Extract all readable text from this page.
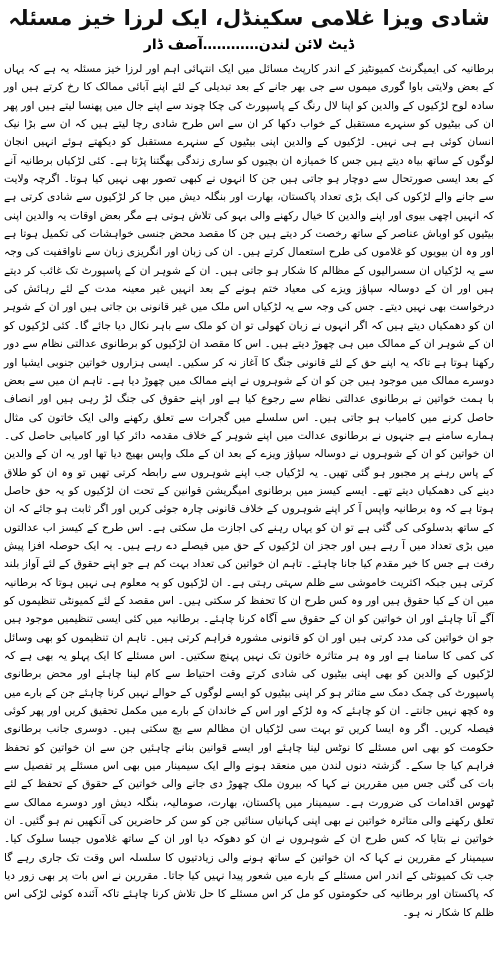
شادی ویزا غلامی سکینڈل، ایک لرزا خیز مسئلہ
ڈیٹ لائن لندن…………آصف ڈار

برطانیہ کی ایمیگرنٹ کمیونٹیز کے اندر کارپٹ مسائل میں ایک انتہائی اہم اور لرزا خیز مسئلہ یہ ہے کہ یہاں کے بعض ولایتی باوا گوری میموں سے جی بھر جانے کے بعد تبدیلی کے لئے اپنے آبائی ممالک کا رخ کرتے ہیں اور سادہ لوح لڑکیوں کے والدین کو اپنا لال رنگ کے پاسپورٹ کی چکا چوند سے اپنے جال میں پھنسا لیتے ہیں اور پھر ان کی بیٹیوں کو سنہرے مستقبل کے خواب دکھا کر ان سے اس طرح شادی رچا لیتے ہیں کہ ان سے بڑا نیک انسان کوئی ہے ہی نہیں۔ لڑکیوں کے والدین اپنی بیٹیوں کے سنہرے مستقبل کو دیکھتے ہوئے انہیں انجان لوگوں کے ساتھ بیاہ دیتے ہیں جس کا خمیازہ ان بچیوں کو ساری زندگی بھگتنا پڑتا ہے۔ کئی لڑکیاں برطانیہ آنے کے بعد ایسی صورتحال سے دوچار ہو جاتی ہیں جن کا انہوں نے کبھی تصور بھی نہیں کیا ہوتا۔ اگرچہ ولایت سے جانے والے لڑکوں کی ایک بڑی تعداد پاکستان، بھارت اور بنگلہ دیش میں جا کر لڑکیوں سے شادی کرتی ہے کہ انہیں اچھی بیوی اور اپنے والدین کا خیال رکھنے والی بہو کی تلاش ہوتی ہے مگر بعض اوقات یہ والدین اپنی بیٹیوں کو اوباش عناصر کے ساتھ رخصت کر دیتے ہیں جن کا مقصد محض جنسی خواہشات کی تکمیل ہوتا ہے اور وہ ان بیویوں کو غلاموں کی طرح استعمال کرتے ہیں۔ ان کی زبان اور انگریزی زبان سے ناواقفیت کی وجہ سے یہ لڑکیاں ان سسرالیوں کے مظالم کا شکار ہو جاتی ہیں۔ ان کے شوہر ان کے پاسپورٹ تک غائب کر دیتے ہیں اور ان کے دوسالہ سپاؤز ویزے کی معیاد ختم ہونے کے بعد انہیں غیر معینہ مدت کے لئے رہائش کی درخواست بھی نہیں دیتے۔ جس کی وجہ سے یہ لڑکیاں اس ملک میں غیر قانونی بن جاتی ہیں اور ان کے شوہر ان کو دھمکیاں دیتے ہیں کہ اگر انہوں نے زبان کھولی تو ان کو ملک سے باہر نکال دیا جائے گا۔ کئی لڑکیوں کو ان کے شوہر ان کے ممالک میں ہی چھوڑ دیتے ہیں۔ اس کا مقصد ان لڑکیوں کو برطانوی عدالتی نظام سے دور رکھنا ہوتا ہے تاکہ یہ اپنے حق کے لئے قانونی جنگ کا آغاز نہ کر سکیں۔ ایسی ہزاروں خواتین جنوبی ایشیا اور دوسرے ممالک میں موجود ہیں جن کو ان کے شوہروں نے اپنے ممالک میں چھوڑ دیا ہے۔ تاہم ان میں سے بعض با ہمت خواتین نے برطانوی عدالتی نظام سے رجوع کیا ہے اور اپنے حقوق کی جنگ لڑ رہی ہیں اور انصاف حاصل کرنے میں کامیاب ہو جاتی ہیں۔ اس سلسلے میں گجرات سے تعلق رکھنے والی ایک خاتون کی مثال ہمارے سامنے ہے جنہوں نے برطانوی عدالت میں اپنے شوہر کے خلاف مقدمہ دائر کیا اور کامیابی حاصل کی۔ ان خواتین کو ان کے شوہروں نے دوسالہ سپاؤز ویزے کے بعد ان کے ملک واپس بھیج دیا تھا اور یہ ان کے والدین کے پاس رہنے پر مجبور ہو گئی تھیں۔ یہ لڑکیاں جب اپنے شوہروں سے رابطہ کرتی تھیں تو وہ ان کو طلاق دینے کی دھمکیاں دیتے تھے۔ ایسے کیسز میں برطانوی امیگریشن قوانین کے تحت ان لڑکیوں کو یہ حق حاصل ہوتا ہے کہ وہ برطانیہ واپس آ کر اپنے شوہروں کے خلاف قانونی چارہ جوئی کریں اور اگر ثابت ہو جائے کہ ان کے ساتھ بدسلوکی کی گئی ہے تو ان کو یہاں رہنے کی اجازت مل سکتی ہے۔ اس طرح کے کیسز اب عدالتوں میں بڑی تعداد میں آ رہے ہیں اور ججز ان لڑکیوں کے حق میں فیصلے دے رہے ہیں۔ یہ ایک حوصلہ افزا پیش رفت ہے جس کا خیر مقدم کیا جانا چاہئے۔ تاہم ان خواتین کی تعداد بہت کم ہے جو اپنے حقوق کے لئے آواز بلند کرتی ہیں جبکہ اکثریت خاموشی سے ظلم سہتی رہتی ہے۔ ان لڑکیوں کو یہ معلوم ہی نہیں ہوتا کہ برطانیہ میں ان کے کیا حقوق ہیں اور وہ کس طرح ان کا تحفظ کر سکتی ہیں۔ اس مقصد کے لئے کمیونٹی تنظیموں کو آگے آنا چاہئے اور ان خواتین کو ان کے حقوق سے آگاہ کرنا چاہئے۔ برطانیہ میں کئی ایسی تنظیمیں موجود ہیں جو ان خواتین کی مدد کرتی ہیں اور ان کو قانونی مشورہ فراہم کرتی ہیں۔ تاہم ان تنظیموں کو بھی وسائل کی کمی کا سامنا ہے اور وہ ہر متاثرہ خاتون تک نہیں پہنچ سکتیں۔ اس مسئلے کا ایک پہلو یہ بھی ہے کہ لڑکیوں کے والدین کو بھی اپنی بیٹیوں کی شادی کرتے وقت احتیاط سے کام لینا چاہئے اور محض برطانوی پاسپورٹ کی چمک دمک سے متاثر ہو کر اپنی بیٹیوں کو ایسے لوگوں کے حوالے نہیں کرنا چاہئے جن کے بارے میں وہ کچھ نہیں جانتے۔ ان کو چاہئے کہ وہ لڑکے اور اس کے خاندان کے بارے میں مکمل تحقیق کریں اور پھر کوئی فیصلہ کریں۔ اگر وہ ایسا کریں تو بہت سی لڑکیاں ان مظالم سے بچ سکتی ہیں۔ دوسری جانب برطانوی حکومت کو بھی اس مسئلے کا نوٹس لینا چاہئے اور ایسے قوانین بنانے چاہئیں جن سے ان خواتین کو تحفظ فراہم کیا جا سکے۔ گزشتہ دنوں لندن میں منعقد ہونے والے ایک سیمینار میں بھی اس مسئلے پر تفصیل سے بات کی گئی جس میں مقررین نے کہا کہ بیرون ملک چھوڑ دی جانے والی خواتین کے حقوق کے تحفظ کے لئے ٹھوس اقدامات کی ضرورت ہے۔ سیمینار میں پاکستان، بھارت، صومالیہ، بنگلہ دیش اور دوسرے ممالک سے تعلق رکھنے والی متاثرہ خواتین نے بھی اپنی کہانیاں سنائیں جن کو سن کر حاضرین کی آنکھیں نم ہو گئیں۔ ان خواتین نے بتایا کہ کس طرح ان کے شوہروں نے ان کو دھوکہ دیا اور ان کے ساتھ غلاموں جیسا سلوک کیا۔ سیمینار کے مقررین نے کہا کہ ان خواتین کے ساتھ ہونے والی زیادتیوں کا سلسلہ اس وقت تک جاری رہے گا جب تک کمیونٹی کے اندر اس مسئلے کے بارے میں شعور پیدا نہیں کیا جاتا۔ مقررین نے اس بات پر بھی زور دیا کہ پاکستان اور برطانیہ کی حکومتوں کو مل کر اس مسئلے کا حل تلاش کرنا چاہئے تاکہ آئندہ کوئی لڑکی اس ظلم کا شکار نہ ہو۔
